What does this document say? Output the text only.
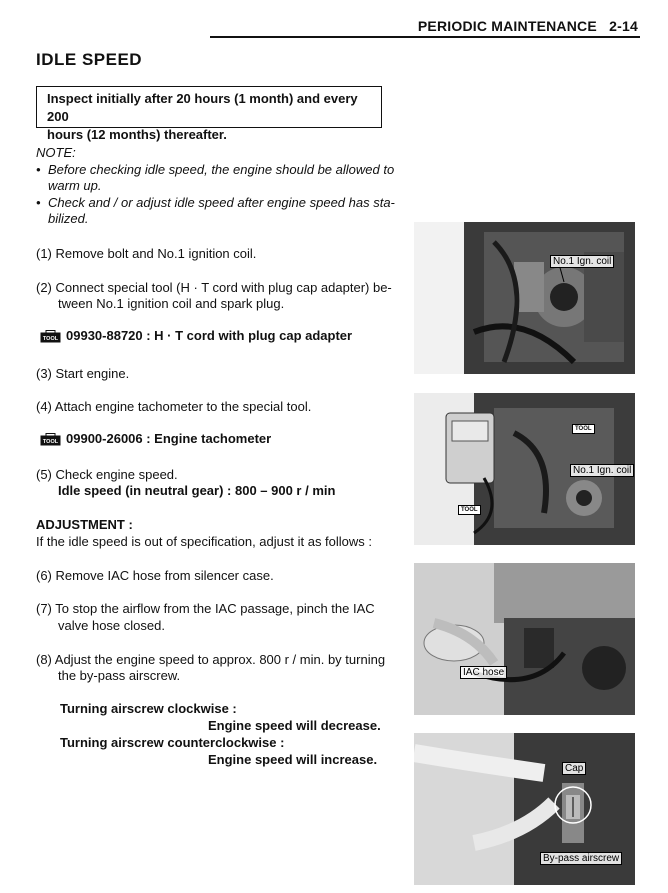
PERIODIC MAINTENANCE 2-14
IDLE SPEED
Inspect initially after 20 hours (1 month) and every 200
hours (12 months) thereafter.
NOTE:
• Before checking idle speed, the engine should be allowed to
warm up.
• Check and / or adjust idle speed after engine speed has sta-
bilized.
(1) Remove bolt and No.1 ignition coil.
(2) Connect special tool (H · T cord with plug cap adapter) be-
tween No.1 ignition coil and spark plug.
TOOL 09930-88720 : H · T cord with plug cap adapter
(3) Start engine.
(4) Attach engine tachometer to the special tool.
TOOL 09900-26006 : Engine tachometer
(5) Check engine speed.
Idle speed (in neutral gear) : 800 – 900 r / min
ADJUSTMENT :
If the idle speed is out of specification, adjust it as follows :
(6) Remove IAC hose from silencer case.
(7) To stop the airflow from the IAC passage, pinch the IAC
valve hose closed.
(8) Adjust the engine speed to approx. 800 r / min. by turning
the by-pass airscrew.
Turning airscrew clockwise :
Engine speed will decrease.
Turning airscrew counterclockwise :
Engine speed will increase.
No.1 Ign. coil
TOOL
No.1 Ign. coil
TOOL
IAC hose
Cap
By-pass airscrew
